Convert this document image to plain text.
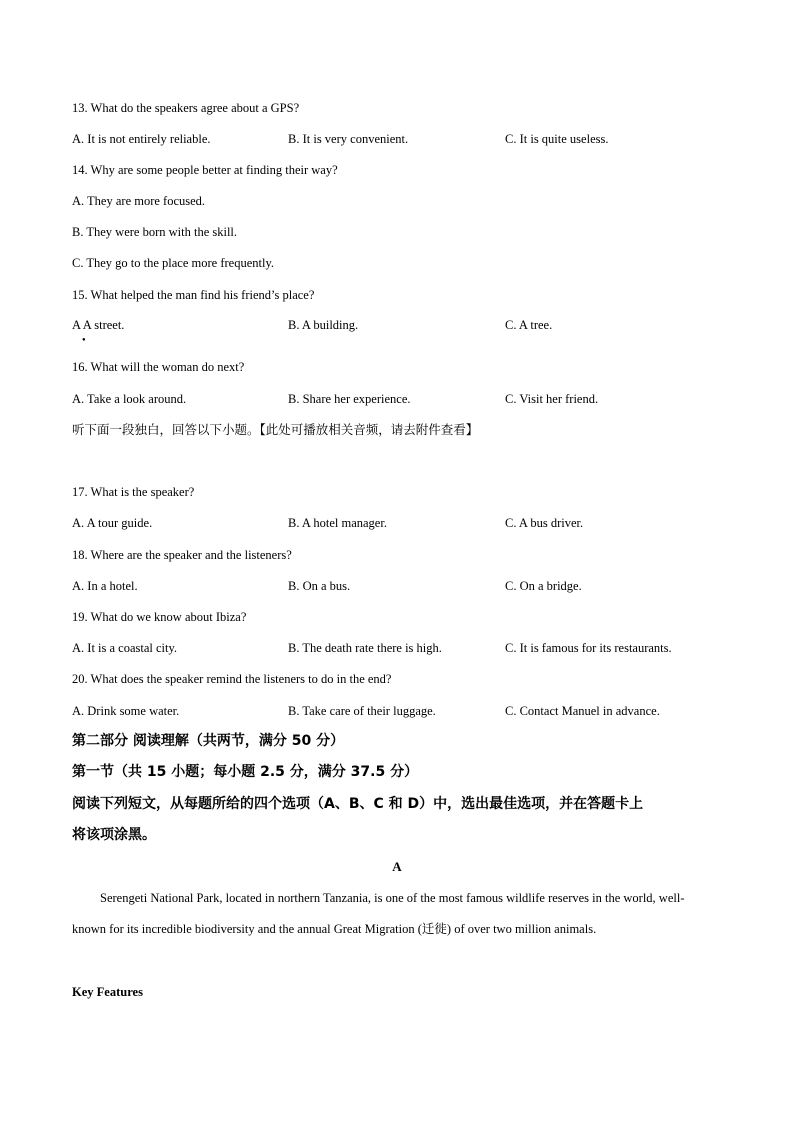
13. What do the speakers agree about a GPS?
A. It is not entirely reliable.	B. It is very convenient.	C. It is quite useless.
14. Why are some people better at finding their way?
A. They are more focused.
B. They were born with the skill.
C. They go to the place more frequently.
15. What helped the man find his friend’s place?
A A street.
●
B. A building.	C. A tree.
16. What will the woman do next?
A. Take a look around.	B. Share her experience.	C. Visit her friend.
听下面一段独白，回答以下小题。【此处可播放相关音频，请去附件查看】
17. What is the speaker?
A. A tour guide.	B. A hotel manager.	C. A bus driver.
18. Where are the speaker and the listeners?
A. In a hotel.	B. On a bus.	C. On a bridge.
19. What do we know about Ibiza?
A. It is a coastal city.	B. The death rate there is high.	C. It is famous for its restaurants.
20. What does the speaker remind the listeners to do in the end?
A. Drink some water.	B. Take care of their luggage.	C. Contact Manuel in advance.
第二部分 阅读理解（共两节，满分 50 分）
第一节（共 15 小题；每小题 2.5 分，满分 37.5 分）
阅读下列短文，从每题所给的四个选项（A、B、C 和 D）中，选出最佳选项，并在答题卡上
将该项涂黑。
A
Serengeti National Park, located in northern Tanzania, is one of the most famous wildlife reserves in the world, well-known for its incredible biodiversity and the annual Great Migration (迁徙) of over two million animals.
Key Features
